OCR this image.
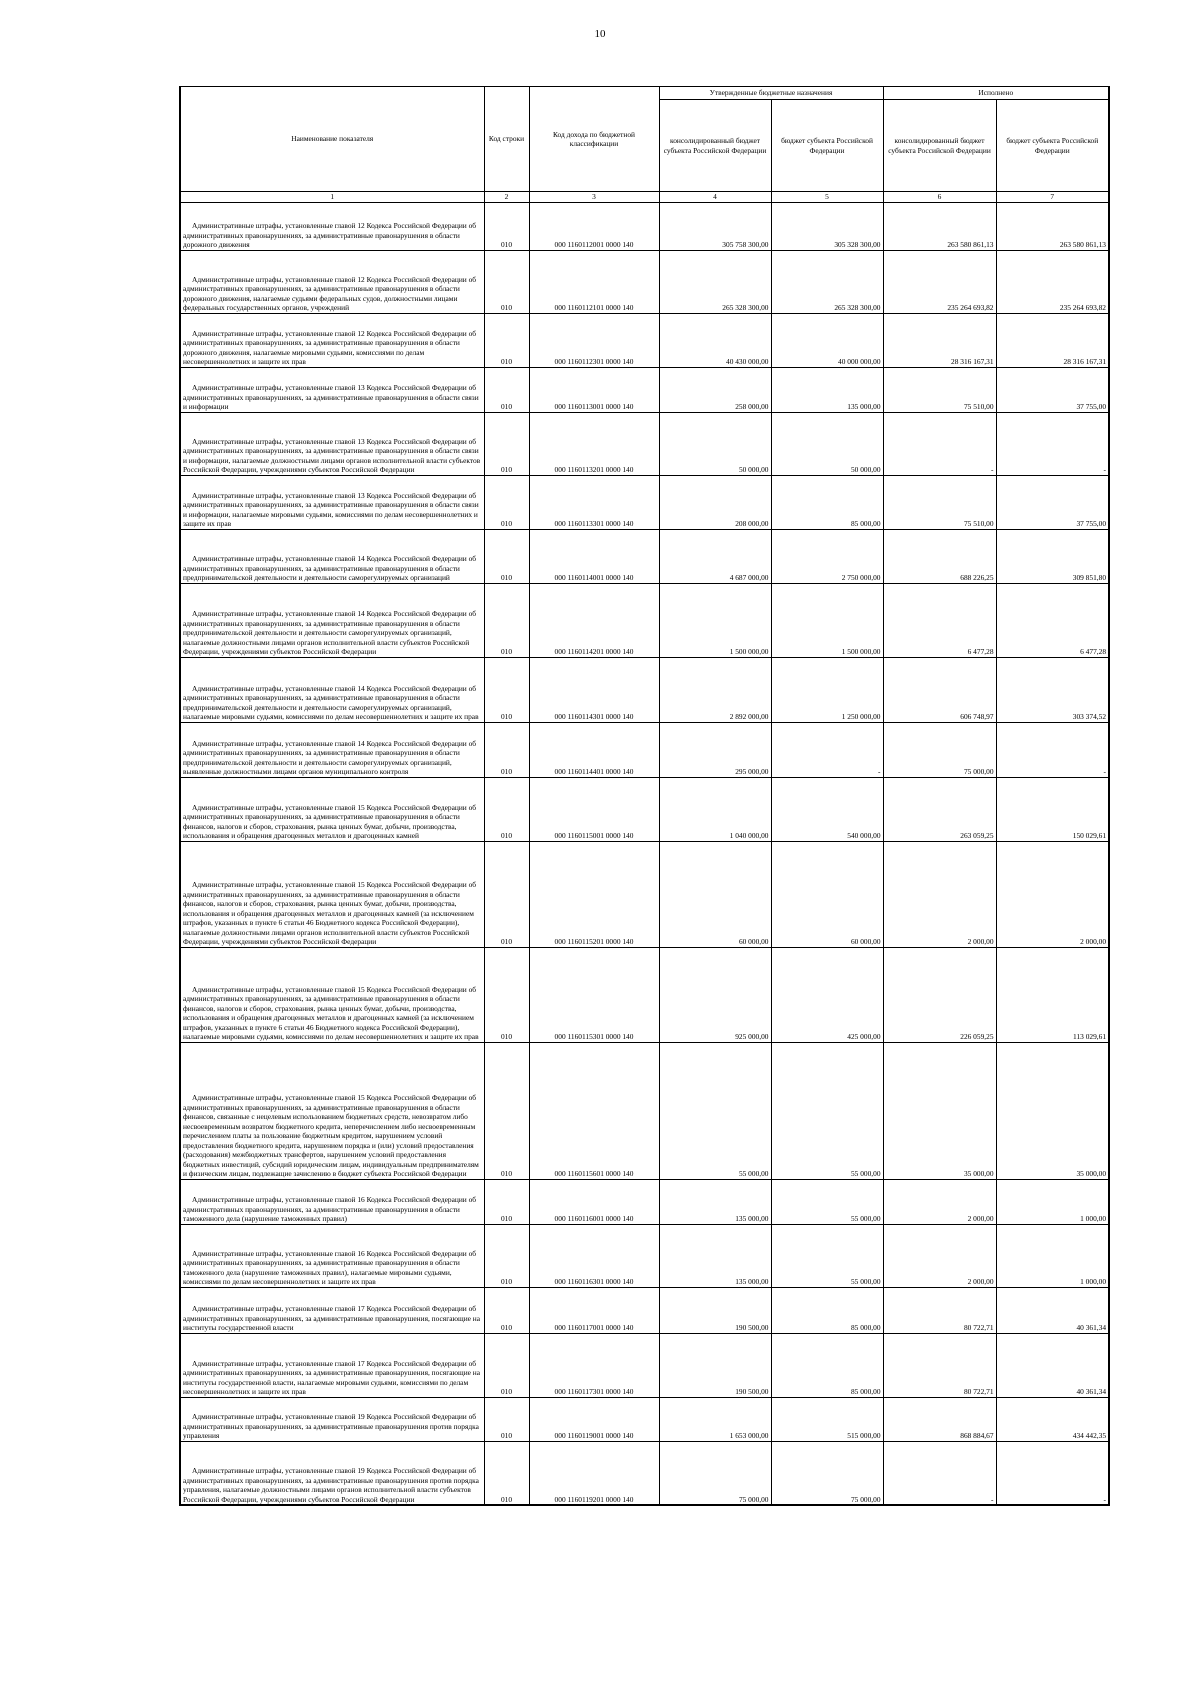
10
Наименование показателя	Код строки	Код дохода по бюджетной классификации	Утвержденные бюджетные назначения		Исполнено	
			консолидированный бюджет субъекта Российской Федерации	бюджет субъекта Российской Федерации	консолидированный бюджет субъекта Российской Федерации	бюджет субъекта Российской Федерации
1	2	3	4	5	6	7
Административные штрафы, установленные главой 12 Кодекса Российской Федерации об административных правонарушениях, за административные правонарушения в области дорожного движения	010	000 1160112001 0000 140	305 758 300,00	305 328 300,00	263 580 861,13	263 580 861,13
Административные штрафы, установленные главой 12 Кодекса Российской Федерации об административных правонарушениях, за административные правонарушения в области дорожного движения, налагаемые судьями федеральных судов, должностными лицами федеральных государственных органов, учреждений	010	000 1160112101 0000 140	265 328 300,00	265 328 300,00	235 264 693,82	235 264 693,82
Административные штрафы, установленные главой 12 Кодекса Российской Федерации об административных правонарушениях, за административные правонарушения в области дорожного движения, налагаемые мировыми судьями, комиссиями по делам несовершеннолетних и защите их прав	010	000 1160112301 0000 140	40 430 000,00	40 000 000,00	28 316 167,31	28 316 167,31
Административные штрафы, установленные главой 13 Кодекса Российской Федерации об административных правонарушениях, за административные правонарушения в области связи и информации	010	000 1160113001 0000 140	258 000,00	135 000,00	75 510,00	37 755,00
Административные штрафы, установленные главой 13 Кодекса Российской Федерации об административных правонарушениях, за административные правонарушения в области связи и информации, налагаемые должностными лицами органов исполнительной власти субъектов Российской Федерации, учреждениями субъектов Российской Федерации	010	000 1160113201 0000 140	50 000,00	50 000,00	-	-
Административные штрафы, установленные главой 13 Кодекса Российской Федерации об административных правонарушениях, за административные правонарушения в области связи и информации, налагаемые мировыми судьями, комиссиями по делам несовершеннолетних и защите их прав	010	000 1160113301 0000 140	208 000,00	85 000,00	75 510,00	37 755,00
Административные штрафы, установленные главой 14 Кодекса Российской Федерации об административных правонарушениях, за административные правонарушения в области предпринимательской деятельности и деятельности саморегулируемых организаций	010	000 1160114001 0000 140	4 687 000,00	2 750 000,00	688 226,25	309 851,80
Административные штрафы, установленные главой 14 Кодекса Российской Федерации об административных правонарушениях, за административные правонарушения в области предпринимательской деятельности и деятельности саморегулируемых организаций, налагаемые должностными лицами органов исполнительной власти субъектов Российской Федерации, учреждениями субъектов Российской Федерации	010	000 1160114201 0000 140	1 500 000,00	1 500 000,00	6 477,28	6 477,28
Административные штрафы, установленные главой 14 Кодекса Российской Федерации об административных правонарушениях, за административные правонарушения в области предпринимательской деятельности и деятельности саморегулируемых организаций, налагаемые мировыми судьями, комиссиями по делам несовершеннолетних и защите их прав	010	000 1160114301 0000 140	2 892 000,00	1 250 000,00	606 748,97	303 374,52
Административные штрафы, установленные главой 14 Кодекса Российской Федерации об административных правонарушениях, за административные правонарушения в области предпринимательской деятельности и деятельности саморегулируемых организаций, выявленные должностными лицами органов муниципального контроля	010	000 1160114401 0000 140	295 000,00	-	75 000,00	-
Административные штрафы, установленные главой 15 Кодекса Российской Федерации об административных правонарушениях, за административные правонарушения в области финансов, налогов и сборов, страхования, рынка ценных бумаг, добычи, производства, использования и обращения драгоценных металлов и драгоценных камней	010	000 1160115001 0000 140	1 040 000,00	540 000,00	263 059,25	150 029,61
Административные штрафы, установленные главой 15 Кодекса Российской Федерации об административных правонарушениях, за административные правонарушения в области финансов, налогов и сборов, страхования, рынка ценных бумаг, добычи, производства, использования и обращения драгоценных металлов и драгоценных камней (за исключением штрафов, указанных в пункте 6 статьи 46 Бюджетного кодекса Российской Федерации), налагаемые должностными лицами органов исполнительной власти субъектов Российской Федерации, учреждениями субъектов Российской Федерации	010	000 1160115201 0000 140	60 000,00	60 000,00	2 000,00	2 000,00
Административные штрафы, установленные главой 15 Кодекса Российской Федерации об административных правонарушениях, за административные правонарушения в области финансов, налогов и сборов, страхования, рынка ценных бумаг, добычи, производства, использования и обращения драгоценных металлов и драгоценных камней (за исключением штрафов, указанных в пункте 6 статьи 46 Бюджетного кодекса Российской Федерации), налагаемые мировыми судьями, комиссиями по делам несовершеннолетних и защите их прав	010	000 1160115301 0000 140	925 000,00	425 000,00	226 059,25	113 029,61
Административные штрафы, установленные главой 15 Кодекса Российской Федерации об административных правонарушениях, за административные правонарушения в области финансов, связанные с нецелевым использованием бюджетных средств, невозвратом либо несвоевременным возвратом бюджетного кредита, неперечислением либо несвоевременным перечислением платы за пользование бюджетным кредитом, нарушением условий предоставления бюджетного кредита, нарушением порядка и (или) условий предоставления (расходования) межбюджетных трансфертов, нарушением условий предоставления бюджетных инвестиций, субсидий юридическим лицам, индивидуальным предпринимателям и физическим лицам, подлежащие зачислению в бюджет субъекта Российской Федерации	010	000 1160115601 0000 140	55 000,00	55 000,00	35 000,00	35 000,00
Административные штрафы, установленные главой 16 Кодекса Российской Федерации об административных правонарушениях, за административные правонарушения в области таможенного дела (нарушение таможенных правил)	010	000 1160116001 0000 140	135 000,00	55 000,00	2 000,00	1 000,00
Административные штрафы, установленные главой 16 Кодекса Российской Федерации об административных правонарушениях, за административные правонарушения в области таможенного дела (нарушение таможенных правил), налагаемые мировыми судьями, комиссиями по делам несовершеннолетних и защите их прав	010	000 1160116301 0000 140	135 000,00	55 000,00	2 000,00	1 000,00
Административные штрафы, установленные главой 17 Кодекса Российской Федерации об административных правонарушениях, за административные правонарушения, посягающие на институты государственной власти	010	000 1160117001 0000 140	190 500,00	85 000,00	80 722,71	40 361,34
Административные штрафы, установленные главой 17 Кодекса Российской Федерации об административных правонарушениях, за административные правонарушения, посягающие на институты государственной власти, налагаемые мировыми судьями, комиссиями по делам несовершеннолетних и защите их прав	010	000 1160117301 0000 140	190 500,00	85 000,00	80 722,71	40 361,34
Административные штрафы, установленные главой 19 Кодекса Российской Федерации об административных правонарушениях, за административные правонарушения против порядка управления	010	000 1160119001 0000 140	1 653 000,00	515 000,00	868 884,67	434 442,35
Административные штрафы, установленные главой 19 Кодекса Российской Федерации об административных правонарушениях, за административные правонарушения против порядка управления, налагаемые должностными лицами органов исполнительной власти субъектов Российской Федерации, учреждениями субъектов Российской Федерации	010	000 1160119201 0000 140	75 000,00	75 000,00	-	-
